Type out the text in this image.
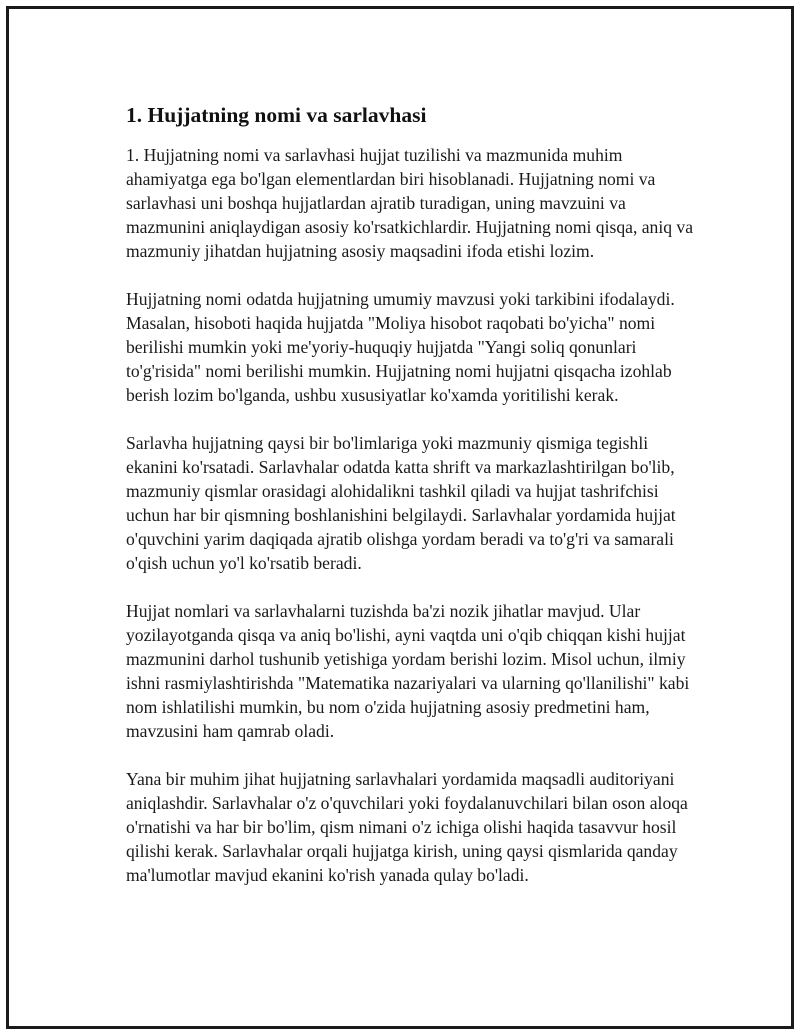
1. Hujjatning nomi va sarlavhasi

1. Hujjatning nomi va sarlavhasi hujjat tuzilishi va mazmunida muhim ahamiyatga ega bo'lgan elementlardan biri hisoblanadi. Hujjatning nomi va sarlavhasi uni boshqa hujjatlardan ajratib turadigan, uning mavzuini va mazmunini aniqlaydigan asosiy ko'rsatkichlardir. Hujjatning nomi qisqa, aniq va mazmuniy jihatdan hujjatning asosiy maqsadini ifoda etishi lozim.

Hujjatning nomi odatda hujjatning umumiy mavzusi yoki tarkibini ifodalaydi. Masalan, hisoboti haqida hujjatda "Moliya hisobot raqobati bo'yicha" nomi berilishi mumkin yoki me'yoriy-huquqiy hujjatda "Yangi soliq qonunlari to'g'risida" nomi berilishi mumkin. Hujjatning nomi hujjatni qisqacha izohlab berish lozim bo'lganda, ushbu xususiyatlar ko'xamda yoritilishi kerak.

Sarlavha hujjatning qaysi bir bo'limlariga yoki mazmuniy qismiga tegishli ekanini ko'rsatadi. Sarlavhalar odatda katta shrift va markazlashtirilgan bo'lib, mazmuniy qismlar orasidagi alohidalikni tashkil qiladi va hujjat tashrifchisi uchun har bir qismning boshlanishini belgilaydi. Sarlavhalar yordamida hujjat o'quvchini yarim daqiqada ajratib olishga yordam beradi va to'g'ri va samarali o'qish uchun yo'l ko'rsatib beradi.

Hujjat nomlari va sarlavhalarni tuzishda ba'zi nozik jihatlar mavjud. Ular yozilayotganda qisqa va aniq bo'lishi, ayni vaqtda uni o'qib chiqqan kishi hujjat mazmunini darhol tushunib yetishiga yordam berishi lozim. Misol uchun, ilmiy ishni rasmiylashtirishda "Matematika nazariyalari va ularning qo'llanilishi" kabi nom ishlatilishi mumkin, bu nom o'zida hujjatning asosiy predmetini ham, mavzusini ham qamrab oladi.

Yana bir muhim jihat hujjatning sarlavhalari yordamida maqsadli auditoriyani aniqlashdir. Sarlavhalar o'z o'quvchilari yoki foydalanuvchilari bilan oson aloqa o'rnatishi va har bir bo'lim, qism nimani o'z ichiga olishi haqida tasavvur hosil qilishi kerak. Sarlavhalar orqali hujjatga kirish, uning qaysi qismlarida qanday ma'lumotlar mavjud ekanini ko'rish yanada qulay bo'ladi.
